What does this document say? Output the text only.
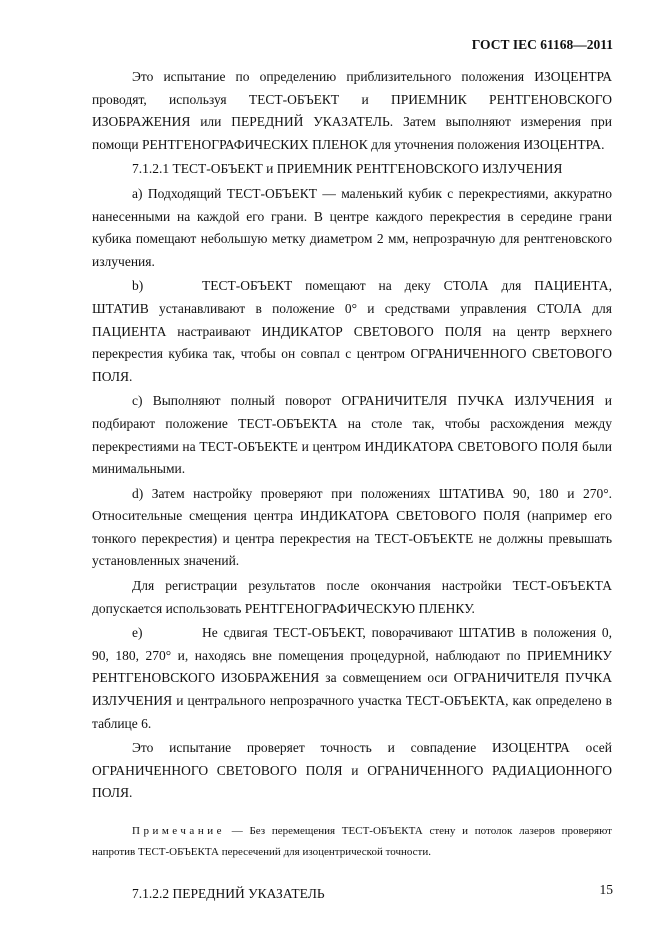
ГОСТ IEC 61168—2011

Это испытание по определению приблизительного положения ИЗОЦЕНТРА проводят, используя ТЕСТ-ОБЪЕКТ и ПРИЕМНИК РЕНТГЕНОВСКОГО ИЗОБРАЖЕНИЯ или ПЕРЕДНИЙ УКАЗАТЕЛЬ. Затем выполняют измерения при помощи РЕНТГЕНОГРАФИЧЕСКИХ ПЛЕНОК для уточнения положения ИЗОЦЕНТРА.

7.1.2.1 ТЕСТ-ОБЪЕКТ и ПРИЕМНИК РЕНТГЕНОВСКОГО ИЗЛУЧЕНИЯ

a) Подходящий ТЕСТ-ОБЪЕКТ — маленький кубик с перекрестиями, аккуратно нанесенными на каждой его грани. В центре каждого перекрестия в середине грани кубика помещают небольшую метку диаметром 2 мм, непрозрачную для рентгеновского излучения.

b)	ТЕСТ-ОБЪЕКТ помещают на деку СТОЛА для ПАЦИЕНТА, ШТАТИВ устанавливают в положение 0° и средствами управления СТОЛА для ПАЦИЕНТА настраивают ИНДИКАТОР СВЕТОВОГО ПОЛЯ на центр верхнего перекрестия кубика так, чтобы он совпал с центром ОГРАНИЧЕННОГО СВЕТОВОГО ПОЛЯ.

c) Выполняют полный поворот ОГРАНИЧИТЕЛЯ ПУЧКА ИЗЛУЧЕНИЯ и подбирают положение ТЕСТ-ОБЪЕКТА на столе так, чтобы расхождения между перекрестиями на ТЕСТ-ОБЪЕКТЕ и центром ИНДИКАТОРА СВЕТОВОГО ПОЛЯ были минимальными.

d) Затем настройку проверяют при положениях ШТАТИВА 90, 180 и 270°. Относительные смещения центра ИНДИКАТОРА СВЕТОВОГО ПОЛЯ (например его тонкого перекрестия) и центра перекрестия на ТЕСТ-ОБЪЕКТЕ не должны превышать установленных значений.

Для регистрации результатов после окончания настройки ТЕСТ-ОБЪЕКТА допускается использовать РЕНТГЕНОГРАФИЧЕСКУЮ ПЛЕНКУ.

e)	Не сдвигая ТЕСТ-ОБЪЕКТ, поворачивают ШТАТИВ в положения 0, 90, 180, 270° и, находясь вне помещения процедурной, наблюдают по ПРИЕМНИКУ РЕНТГЕНОВСКОГО ИЗОБРАЖЕНИЯ за совмещением оси ОГРАНИЧИТЕЛЯ ПУЧКА ИЗЛУЧЕНИЯ и центрального непрозрачного участка ТЕСТ-ОБЪЕКТА, как определено в таблице 6.

Это испытание проверяет точность и совпадение ИЗОЦЕНТРА осей ОГРАНИЧЕННОГО СВЕТОВОГО ПОЛЯ и ОГРАНИЧЕННОГО РАДИАЦИОННОГО ПОЛЯ.

Примечание — Без перемещения ТЕСТ-ОБЪЕКТА стену и потолок лазеров проверяют напротив ТЕСТ-ОБЪЕКТА пересечений для изоцентрической точности.

7.1.2.2 ПЕРЕДНИЙ УКАЗАТЕЛЬ	15
